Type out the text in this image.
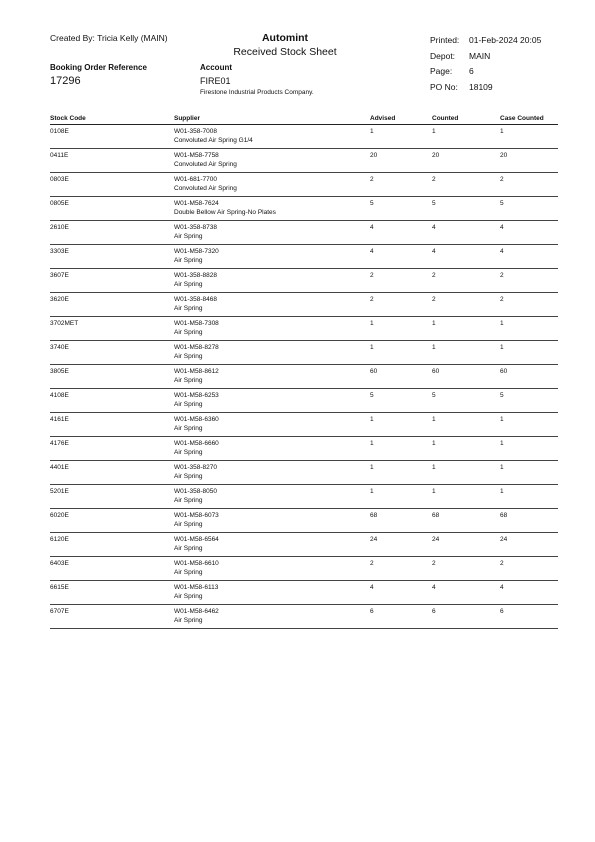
Created By: Tricia Kelly (MAIN)	Automint
Received Stock Sheet
Printed:	01-Feb-2024 20:05
Depot:	MAIN
Page:	6
PO No:	18109
Booking Order Reference
17296
Account
FIRE01
Firestone Industrial Products Company.
Stock Code	Supplier	Advised	Counted	Case Counted
0108E	W01-358-7008
Convoluted Air Spring G1/4	1	1	1
0411E	W01-M58-7758
Convoluted Air Spring	20	20	20
0803E	W01-681-7700
Convoluted Air Spring	2	2	2
0805E	W01-M58-7624
Double Bellow Air Spring-No Plates	5	5	5
2610E	W01-358-8738
Air Spring	4	4	4
3303E	W01-M58-7320
Air Spring	4	4	4
3607E	W01-358-8828
Air Spring	2	2	2
3620E	W01-358-8468
Air Spring	2	2	2
3702MET	W01-M58-7308
Air Spring	1	1	1
3740E	W01-M58-8278
Air Spring	1	1	1
3805E	W01-M58-8612
Air Spring	60	60	60
4108E	W01-M58-6253
Air Spring	5	5	5
4161E	W01-M58-6360
Air Spring	1	1	1
4176E	W01-M58-6660
Air Spring	1	1	1
4401E	W01-358-8270
Air Spring	1	1	1
5201E	W01-358-8050
Air Spring	1	1	1
6020E	W01-M58-6073
Air Spring	68	68	68
6120E	W01-M58-6564
Air Spring	24	24	24
6403E	W01-M58-6610
Air Spring	2	2	2
6615E	W01-M58-6113
Air Spring	4	4	4
6707E	W01-M58-6462
Air Spring	6	6	6
